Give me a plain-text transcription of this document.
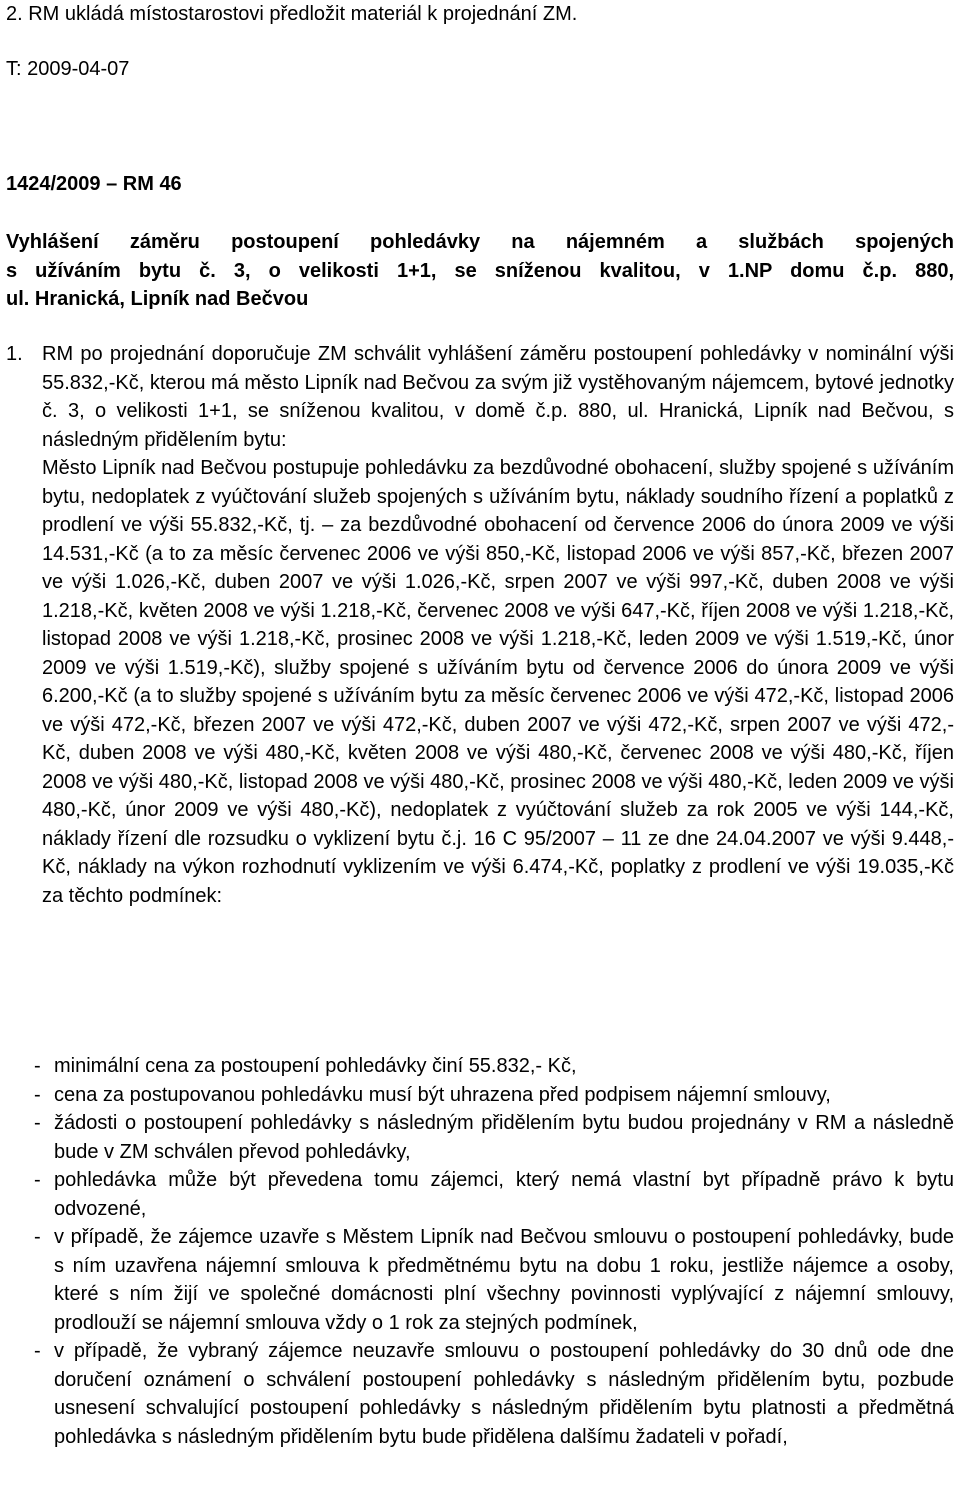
2. RM ukládá místostarostovi předložit materiál k projednání ZM.
T: 2009-04-07
1424/2009 – RM 46
Vyhlášení záměru postoupení pohledávky na nájemném a službách spojených
s užíváním bytu č. 3, o velikosti 1+1, se sníženou kvalitou, v 1.NP domu č.p. 880,
ul. Hranická, Lipník nad Bečvou
1. RM po projednání doporučuje ZM schválit vyhlášení záměru postoupení pohledávky v nominální výši 55.832,-Kč, kterou má město Lipník nad Bečvou za svým již vystěhovaným nájemcem, bytové jednotky č. 3, o velikosti 1+1, se sníženou kvalitou, v domě č.p. 880, ul. Hranická, Lipník nad Bečvou, s následným přidělením bytu:
Město Lipník nad Bečvou postupuje pohledávku za bezdůvodné obohacení, služby spojené s užíváním bytu, nedoplatek z vyúčtování služeb spojených s užíváním bytu, náklady soudního řízení a poplatků z prodlení ve výši 55.832,-Kč, tj. – za bezdůvodné obohacení od července 2006 do února 2009 ve výši 14.531,-Kč (a to za měsíc červenec 2006 ve výši 850,-Kč, listopad 2006 ve výši 857,-Kč, březen 2007 ve výši 1.026,-Kč, duben 2007 ve výši 1.026,-Kč, srpen 2007 ve výši 997,-Kč, duben 2008 ve výši 1.218,-Kč, květen 2008 ve výši 1.218,-Kč, červenec 2008 ve výši 647,-Kč, říjen 2008 ve výši 1.218,-Kč, listopad 2008 ve výši 1.218,-Kč, prosinec 2008 ve výši 1.218,-Kč, leden 2009 ve výši 1.519,-Kč, únor 2009 ve výši 1.519,-Kč), služby spojené s užíváním bytu od července 2006 do února 2009 ve výši 6.200,-Kč (a to služby spojené s užíváním bytu za měsíc červenec 2006 ve výši 472,-Kč, listopad 2006 ve výši 472,-Kč, březen 2007 ve výši 472,-Kč, duben 2007 ve výši 472,-Kč, srpen 2007 ve výši 472,-Kč, duben 2008 ve výši 480,-Kč, květen 2008 ve výši 480,-Kč, červenec 2008 ve výši 480,-Kč, říjen 2008 ve výši 480,-Kč, listopad 2008 ve výši 480,-Kč, prosinec 2008 ve výši 480,-Kč, leden 2009 ve výši 480,-Kč, únor 2009 ve výši 480,-Kč), nedoplatek z vyúčtování služeb za rok 2005 ve výši 144,-Kč, náklady řízení dle rozsudku o vyklizení bytu č.j. 16 C 95/2007 – 11 ze dne 24.04.2007 ve výši 9.448,-Kč, náklady na výkon rozhodnutí vyklizením ve výši 6.474,-Kč, poplatky z prodlení ve výši 19.035,-Kč za těchto podmínek:
- minimální cena za postoupení pohledávky činí 55.832,- Kč,
- cena za postupovanou pohledávku musí být uhrazena před podpisem nájemní smlouvy,
- žádosti o postoupení pohledávky s následným přidělením bytu budou projednány v RM a následně bude v ZM schválen převod pohledávky,
- pohledávka může být převedena tomu zájemci, který nemá vlastní byt případně právo k bytu odvozené,
- v případě, že zájemce uzavře s Městem Lipník nad Bečvou smlouvu o postoupení pohledávky, bude s ním uzavřena nájemní smlouva k předmětnému bytu na dobu 1 roku, jestliže nájemce a osoby, které s ním žijí ve společné domácnosti plní všechny povinnosti vyplývající z nájemní smlouvy, prodlouží se nájemní smlouva vždy o 1 rok za stejných podmínek,
- v případě, že vybraný zájemce neuzavře smlouvu o postoupení pohledávky do 30 dnů ode dne doručení oznámení o schválení postoupení pohledávky s následným přidělením bytu, pozbude usnesení schvalující postoupení pohledávky s následným přidělením bytu platnosti a předmětná pohledávka s následným přidělením bytu bude přidělena dalšímu žadateli v pořadí,
